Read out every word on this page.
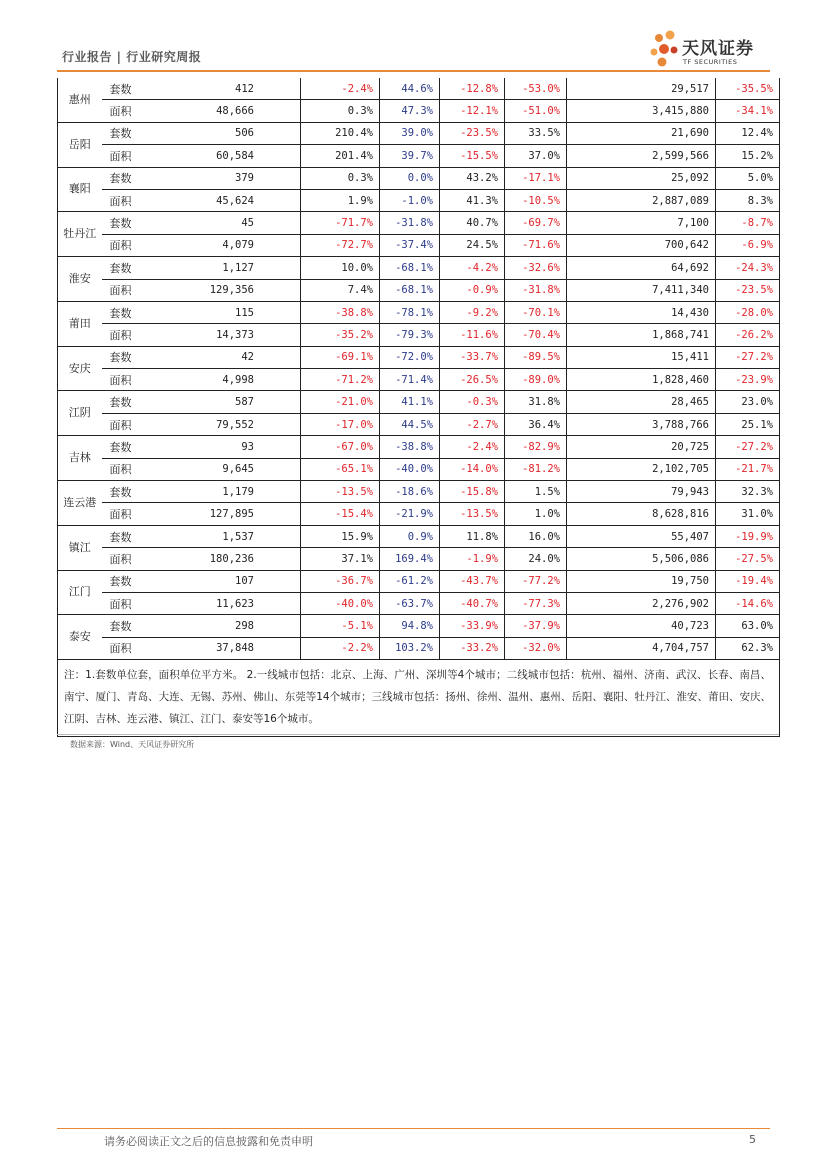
行业报告 | 行业研究周报	天风证券
TF SECURITIES
惠州	套数	412	-2.4%	44.6%	-12.8%	-53.0%	29,517	-35.5%
	面积	48,666	0.3%	47.3%	-12.1%	-51.0%	3,415,880	-34.1%
岳阳	套数	506	210.4%	39.0%	-23.5%	33.5%	21,690	12.4%
	面积	60,584	201.4%	39.7%	-15.5%	37.0%	2,599,566	15.2%
襄阳	套数	379	0.3%	0.0%	43.2%	-17.1%	25,092	5.0%
	面积	45,624	1.9%	-1.0%	41.3%	-10.5%	2,887,089	8.3%
牡丹江	套数	45	-71.7%	-31.8%	40.7%	-69.7%	7,100	-8.7%
	面积	4,079	-72.7%	-37.4%	24.5%	-71.6%	700,642	-6.9%
淮安	套数	1,127	10.0%	-68.1%	-4.2%	-32.6%	64,692	-24.3%
	面积	129,356	7.4%	-68.1%	-0.9%	-31.8%	7,411,340	-23.5%
莆田	套数	115	-38.8%	-78.1%	-9.2%	-70.1%	14,430	-28.0%
	面积	14,373	-35.2%	-79.3%	-11.6%	-70.4%	1,868,741	-26.2%
安庆	套数	42	-69.1%	-72.0%	-33.7%	-89.5%	15,411	-27.2%
	面积	4,998	-71.2%	-71.4%	-26.5%	-89.0%	1,828,460	-23.9%
江阴	套数	587	-21.0%	41.1%	-0.3%	31.8%	28,465	23.0%
	面积	79,552	-17.0%	44.5%	-2.7%	36.4%	3,788,766	25.1%
吉林	套数	93	-67.0%	-38.8%	-2.4%	-82.9%	20,725	-27.2%
	面积	9,645	-65.1%	-40.0%	-14.0%	-81.2%	2,102,705	-21.7%
连云港	套数	1,179	-13.5%	-18.6%	-15.8%	1.5%	79,943	32.3%
	面积	127,895	-15.4%	-21.9%	-13.5%	1.0%	8,628,816	31.0%
镇江	套数	1,537	15.9%	0.9%	11.8%	16.0%	55,407	-19.9%
	面积	180,236	37.1%	169.4%	-1.9%	24.0%	5,506,086	-27.5%
江门	套数	107	-36.7%	-61.2%	-43.7%	-77.2%	19,750	-19.4%
	面积	11,623	-40.0%	-63.7%	-40.7%	-77.3%	2,276,902	-14.6%
泰安	套数	298	-5.1%	94.8%	-33.9%	-37.9%	40,723	63.0%
	面积	37,848	-2.2%	103.2%	-33.2%	-32.0%	4,704,757	62.3%
注：1.套数单位套，面积单位平方米。 2.一线城市包括：北京、上海、广州、深圳等4个城市；二线城市包括：杭州、福州、济南、武汉、长春、南昌、南宁、厦门、青岛、大连、无锡、苏州、佛山、东莞等14个城市；三线城市包括：扬州、徐州、温州、惠州、岳阳、襄阳、牡丹江、淮安、莆田、安庆、江阴、吉林、连云港、镇江、江门、泰安等16个城市。								
数据来源：Wind、天风证券研究所
请务必阅读正文之后的信息披露和免责申明	5
